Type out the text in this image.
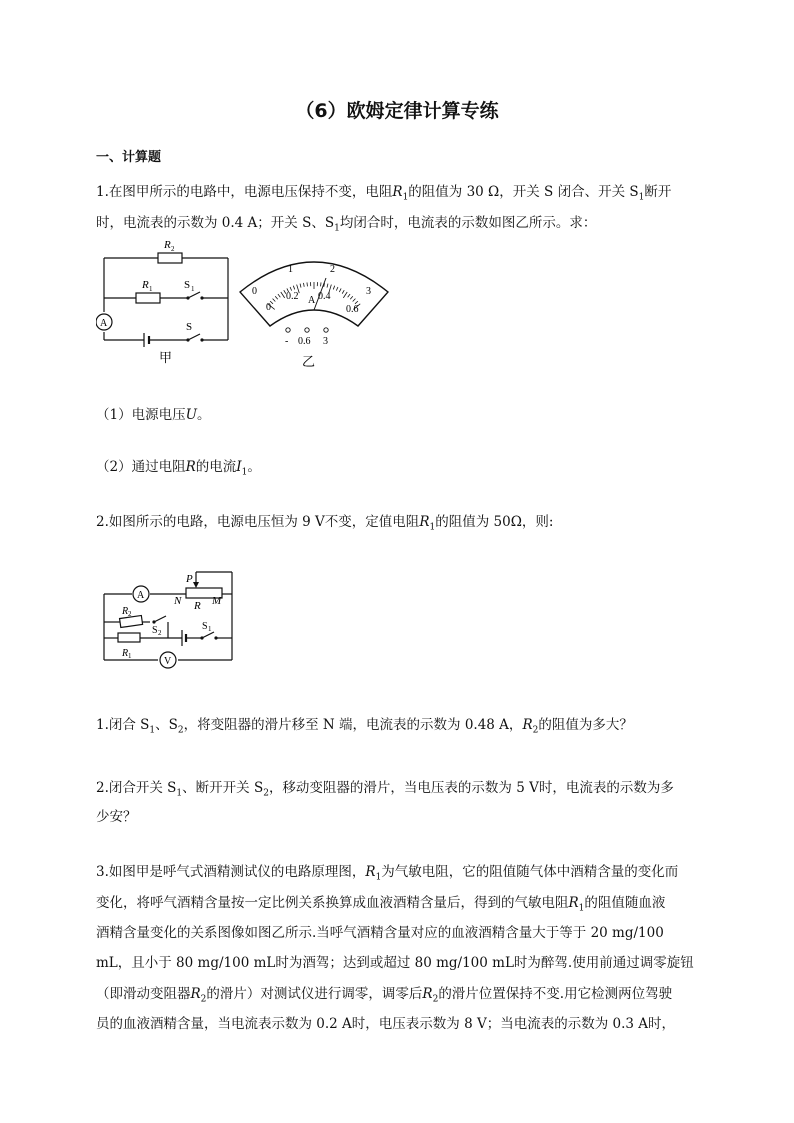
（6）欧姆定律计算专练
一、计算题
1.在图甲所示的电路中，电源电压保持不变，电阻$R_1$的阻值为 30 Ω，开关 S 闭合、开关 $S_1$断开
时，电流表的示数为 0.4 A；开关 S、$S_1$均闭合时，电流表的示数如图乙所示。求：
R 2
R 1	S 1
S
A
甲
0
1	2
3
0
0.2 0.4
0.6
A
- 0.6 3
乙
（1）电源电压U。
（2）通过电阻R的电流$I_1$。
2.如图所示的电路，电源电压恒为 9 V不变，定值电阻$R_1$的阻值为 50Ω，则:
A
V
P
N R M
R 2
R 1
S 2
S 1
1.闭合 $S_1$、$S_2$，将变阻器的滑片移至 N 端，电流表的示数为 0.48 A，$R_2$的阻值为多大？
2.闭合开关 $S_1$、断开开关 $S_2$，移动变阻器的滑片，当电压表的示数为 5 V时，电流表的示数为多
少安？
3.如图甲是呼气式酒精测试仪的电路原理图，$R_1$为气敏电阻，它的阻值随气体中酒精含量的变化而
变化，将呼气酒精含量按一定比例关系换算成血液酒精含量后，得到的气敏电阻$R_1$的阻值随血液
酒精含量变化的关系图像如图乙所示.当呼气酒精含量对应的血液酒精含量大于等于 20 mg/100
mL，且小于 80 mg/100 mL时为酒驾；达到或超过 80 mg/100 mL时为醉驾.使用前通过调零旋钮
（即滑动变阻器$R_2$的滑片）对测试仪进行调零，调零后$R_2$的滑片位置保持不变.用它检测两位驾驶
员的血液酒精含量，当电流表示数为 0.2 A时，电压表示数为 8 V；当电流表的示数为 0.3 A时，
